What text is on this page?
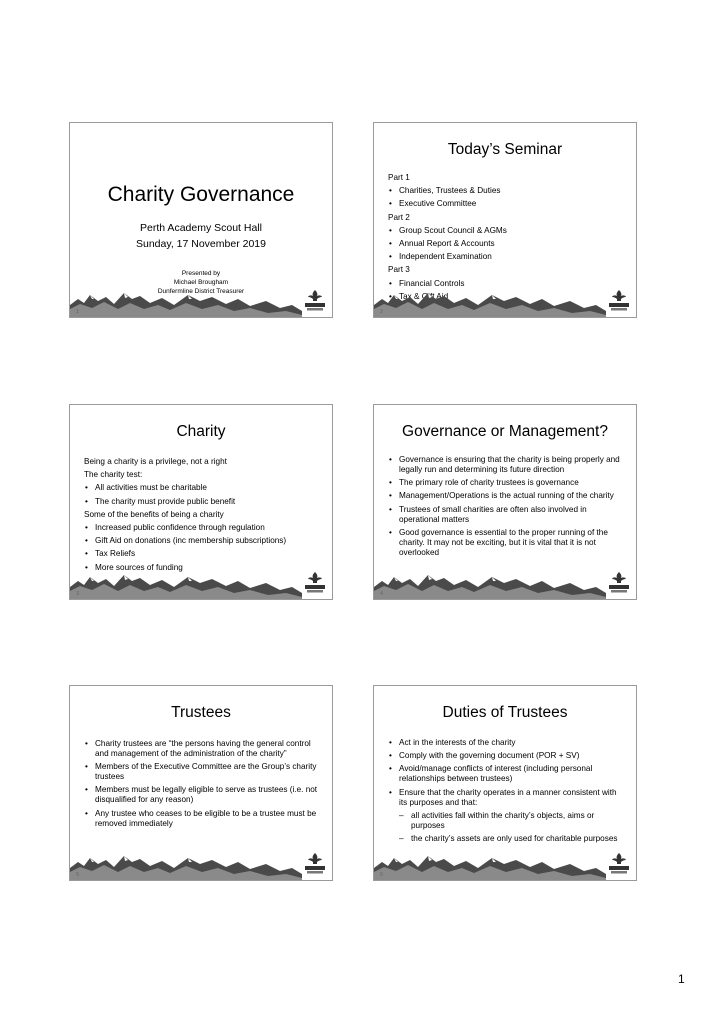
Charity Governance
Perth Academy Scout Hall
Sunday, 17 November 2019
Presented by
Michael Brougham
Dunfermline District Treasurer
1
Today’s Seminar
Part 1
• Charities, Trustees & Duties
• Executive Committee
Part 2
• Group Scout Council & AGMs
• Annual Report & Accounts
• Independent Examination
Part 3
• Financial Controls
• Tax & Gift Aid
•
2
Charity
Being a charity is a privilege, not a right
The charity test:
• All activities must be charitable
• The charity must provide public benefit
Some of the benefits of being a charity
• Increased public confidence through regulation
• Gift Aid on donations (inc membership subscriptions)
• Tax Reliefs
• More sources of funding
3
Governance or Management?
• Governance is ensuring that the charity is being properly and legally run and determining its future direction
• The primary role of charity trustees is governance
• Management/Operations is the actual running of the charity
• Trustees of small charities are often also involved in operational matters
• Good governance is essential to the proper running of the charity. It may not be exciting, but it is vital that it is not overlooked
4
Trustees
• Charity trustees are “the persons having the general control and management of the administration of the charity”
• Members of the Executive Committee are the Group’s charity trustees
• Members must be legally eligible to serve as trustees (i.e. not disqualified for any reason)
• Any trustee who ceases to be eligible to be a trustee must be removed immediately
5
Duties of Trustees
• Act in the interests of the charity
• Comply with the governing document (POR + SV)
• Avoid/manage conflicts of interest (including personal relationships between trustees)
• Ensure that the charity operates in a manner consistent with its purposes and that:
– all activities fall within the charity’s objects, aims or purposes
– the charity’s assets are only used for charitable purposes
6
1
